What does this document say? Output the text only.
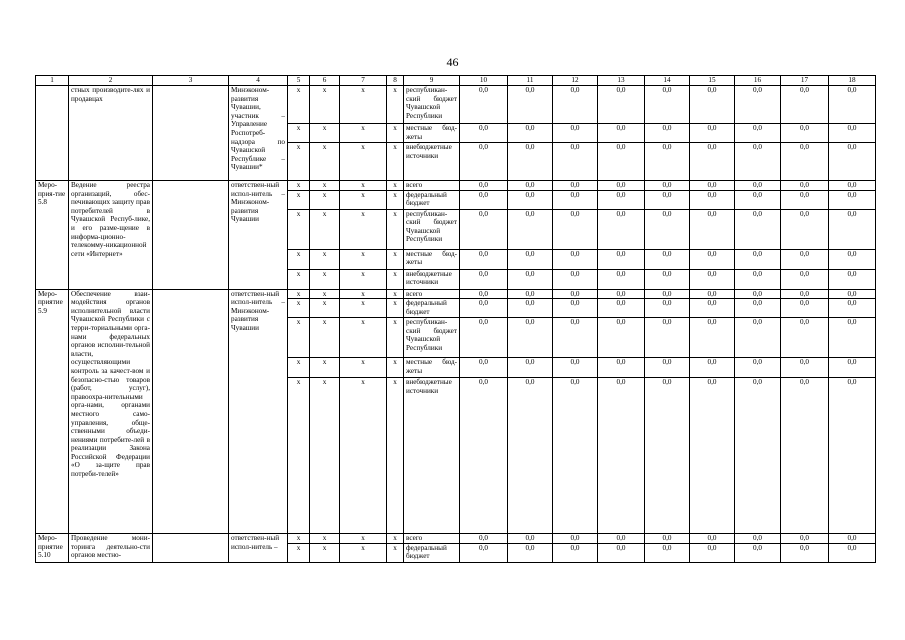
46
1	2	3	4	5	6	7	8	9	10	11	12	13	14	15	16	17	18
	стных производите-лях и продавцах		Минэконом-развития Чувашии, участник – Управление Роспотреб-надзора по Чувашской Республике – Чувашии*	x	x	x	x	республикан-ский бюджет Чувашской Республики	0,0	0,0	0,0	0,0	0,0	0,0	0,0	0,0	0,0
				x	x	x	x	местные бюд-жеты	0,0	0,0	0,0	0,0	0,0	0,0	0,0	0,0	0,0
				x	x	x	x	внебюджетные источники	0,0	0,0	0,0	0,0	0,0	0,0	0,0	0,0	0,0
Меро-прия-тие 5.8	Ведение реестра организаций, обес-печивающих защиту прав потребителей в Чувашской Респуб-лике, и его разме-щение в информа-ционно-телекомму-никационной сети «Интернет»		ответствен-ный испол-нитель – Минэконом-развития Чувашии	x	x	x	x	всего	0,0	0,0	0,0	0,0	0,0	0,0	0,0	0,0	0,0
				x	x	x	x	федеральный бюджет	0,0	0,0	0,0	0,0	0,0	0,0	0,0	0,0	0,0
				x	x	x	x	республикан-ский бюджет Чувашской Республики	0,0	0,0	0,0	0,0	0,0	0,0	0,0	0,0	0,0
				x	x	x	x	местные бюд-жеты	0,0	0,0	0,0	0,0	0,0	0,0	0,0	0,0	0,0
				x	x	x	x	внебюджетные источники	0,0	0,0	0,0	0,0	0,0	0,0	0,0	0,0	0,0
Меро-приятие 5.9	Обеспечение взаи-модействия органов исполнительной власти Чувашской Республики с терри-ториальными орга-нами федеральных органов исполни-тельной власти, осуществляющими контроль за качест-вом и безопасно-стью товаров (работ, услуг), правоохра-нительными орга-нами, органами местного само-управления, обще-ственными объеди-нениями потребите-лей в реализации Закона Российской Федерации «О за-щите прав потреби-телей»		ответствен-ный испол-нитель – Минэконом-развития Чувашии	x	x	x	x	всего	0,0	0,0	0,0	0,0	0,0	0,0	0,0	0,0	0,0
				x	x	x	x	федеральный бюджет	0,0	0,0	0,0	0,0	0,0	0,0	0,0	0,0	0,0
				x	x	x	x	республикан-ский бюджет Чувашской Республики	0,0	0,0	0,0	0,0	0,0	0,0	0,0	0,0	0,0
				x	x	x	x	местные бюд-жеты	0,0	0,0	0,0	0,0	0,0	0,0	0,0	0,0	0,0
				x	x	x	x	внебюджетные источники	0,0	0,0	0,0	0,0	0,0	0,0	0,0	0,0	0,0
Меро-приятие 5.10	Проведение мони-торинга деятельно-сти органов местно-		ответствен-ный испол-нитель –	x	x	x	x	всего	0,0	0,0	0,0	0,0	0,0	0,0	0,0	0,0	0,0
				x	x	x	x	федеральный бюджет	0,0	0,0	0,0	0,0	0,0	0,0	0,0	0,0	0,0
